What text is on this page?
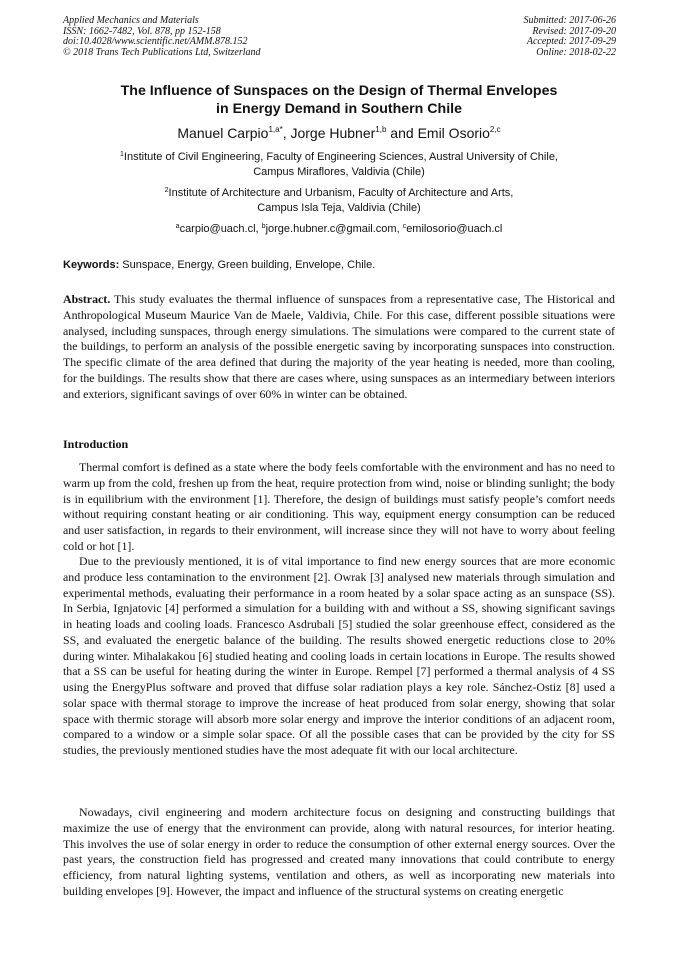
Applied Mechanics and Materials
ISSN: 1662-7482, Vol. 878, pp 152-158
doi:10.4028/www.scientific.net/AMM.878.152
© 2018 Trans Tech Publications Ltd, Switzerland
Submitted: 2017-06-26
Revised: 2017-09-20
Accepted: 2017-09-29
Online: 2018-02-22
The Influence of Sunspaces on the Design of Thermal Envelopes
in Energy Demand in Southern Chile
Manuel Carpio$^{1,a*}$, Jorge Hubner$^{1,b}$ and Emil Osorio$^{2,c}$
$^1$Institute of Civil Engineering, Faculty of Engineering Sciences, Austral University of Chile,
Campus Miraflores, Valdivia (Chile)
$^2$Institute of Architecture and Urbanism, Faculty of Architecture and Arts,
Campus Isla Teja, Valdivia (Chile)
$^a$carpio@uach.cl, $^b$jorge.hubner.c@gmail.com, $^c$emilosorio@uach.cl
Keywords: Sunspace, Energy, Green building, Envelope, Chile.
Abstract. This study evaluates the thermal influence of sunspaces from a representative case, The Historical and Anthropological Museum Maurice Van de Maele, Valdivia, Chile. For this case, different possible situations were analysed, including sunspaces, through energy simulations. The simulations were compared to the current state of the buildings, to perform an analysis of the possible energetic saving by incorporating sunspaces into construction. The specific climate of the area defined that during the majority of the year heating is needed, more than cooling, for the buildings. The results show that there are cases where, using sunspaces as an intermediary between interiors and exteriors, significant savings of over 60% in winter can be obtained.
Introduction

Thermal comfort is defined as a state where the body feels comfortable with the environment and has no need to warm up from the cold, freshen up from the heat, require protection from wind, noise or blinding sunlight; the body is in equilibrium with the environment [1]. Therefore, the design of buildings must satisfy people’s comfort needs without requiring constant heating or air conditioning. This way, equipment energy consumption can be reduced and user satisfaction, in regards to their environment, will increase since they will not have to worry about feeling cold or hot [1].

Due to the previously mentioned, it is of vital importance to find new energy sources that are more economic and produce less contamination to the environment [2]. Owrak [3] analysed new materials through simulation and experimental methods, evaluating their performance in a room heated by a solar space acting as an sunspace (SS). In Serbia, Ignjatovic [4] performed a simulation for a building with and without a SS, showing significant savings in heating loads and cooling loads. Francesco Asdrubali [5] studied the solar greenhouse effect, considered as the SS, and evaluated the energetic balance of the building. The results showed energetic reductions close to 20% during winter. Mihalakakou [6] studied heating and cooling loads in certain locations in Europe. The results showed that a SS can be useful for heating during the winter in Europe. Rempel [7] performed a thermal analysis of 4 SS using the EnergyPlus software and proved that diffuse solar radiation plays a key role. Sánchez-Ostiz [8] used a solar space with thermal storage to improve the increase of heat produced from solar energy, showing that solar space with thermic storage will absorb more solar energy and improve the interior conditions of an adjacent room, compared to a window or a simple solar space. Of all the possible cases that can be provided by the city for SS studies, the previously mentioned studies have the most adequate fit with our local architecture.

Nowadays, civil engineering and modern architecture focus on designing and constructing buildings that maximize the use of energy that the environment can provide, along with natural resources, for interior heating. This involves the use of solar energy in order to reduce the consumption of other external energy sources. Over the past years, the construction field has progressed and created many innovations that could contribute to energy efficiency, from natural lighting systems, ventilation and others, as well as incorporating new materials into building envelopes [9]. However, the impact and influence of the structural systems on creating energetic
